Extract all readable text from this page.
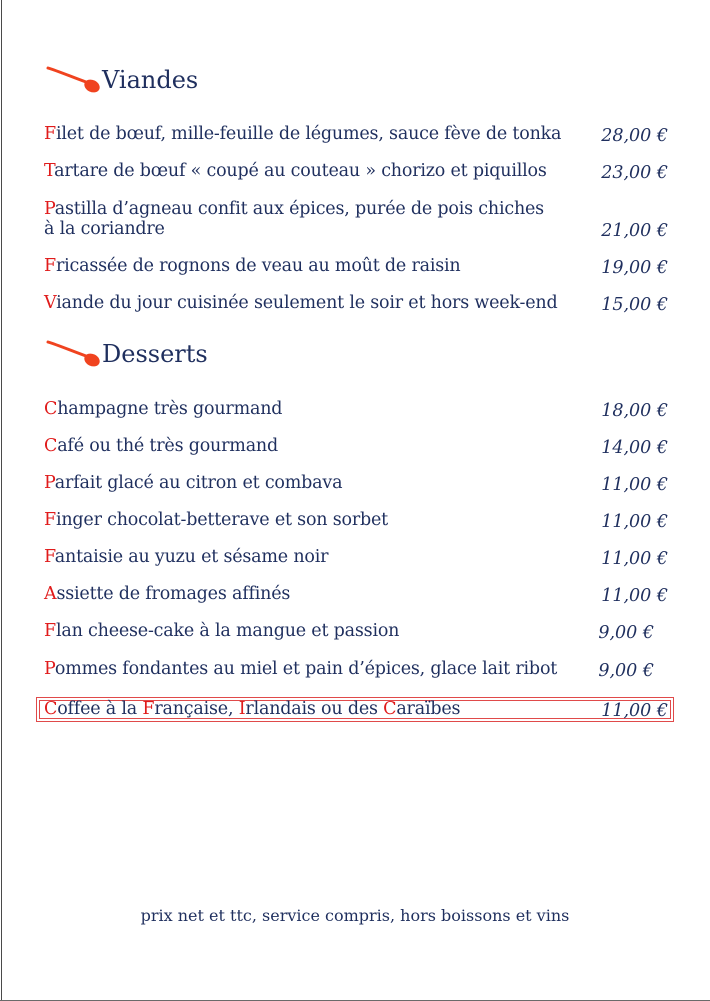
Viandes
Filet de bœuf, mille-feuille de légumes, sauce fève de tonka	28,00 €
Tartare de bœuf « coupé au couteau » chorizo et piquillos	23,00 €
Pastilla d’agneau confit aux épices, purée de pois chiches
à la coriandre	21,00 €
Fricassée de rognons de veau au moût de raisin	19,00 €
Viande du jour cuisinée seulement le soir et hors week-end	15,00 €
Desserts
Champagne très gourmand	18,00 €
Café ou thé très gourmand	14,00 €
Parfait glacé au citron et combava	11,00 €
Finger chocolat-betterave et son sorbet	11,00 €
Fantaisie au yuzu et sésame noir	11,00 €
Assiette de fromages affinés	11,00 €
Flan cheese-cake à la mangue et passion	9,00 €
Pommes fondantes au miel et pain d’épices, glace lait ribot	9,00 €
Coffee à la Française, Irlandais ou des Caraïbes	11,00 €
prix net et ttc, service compris, hors boissons et vins
